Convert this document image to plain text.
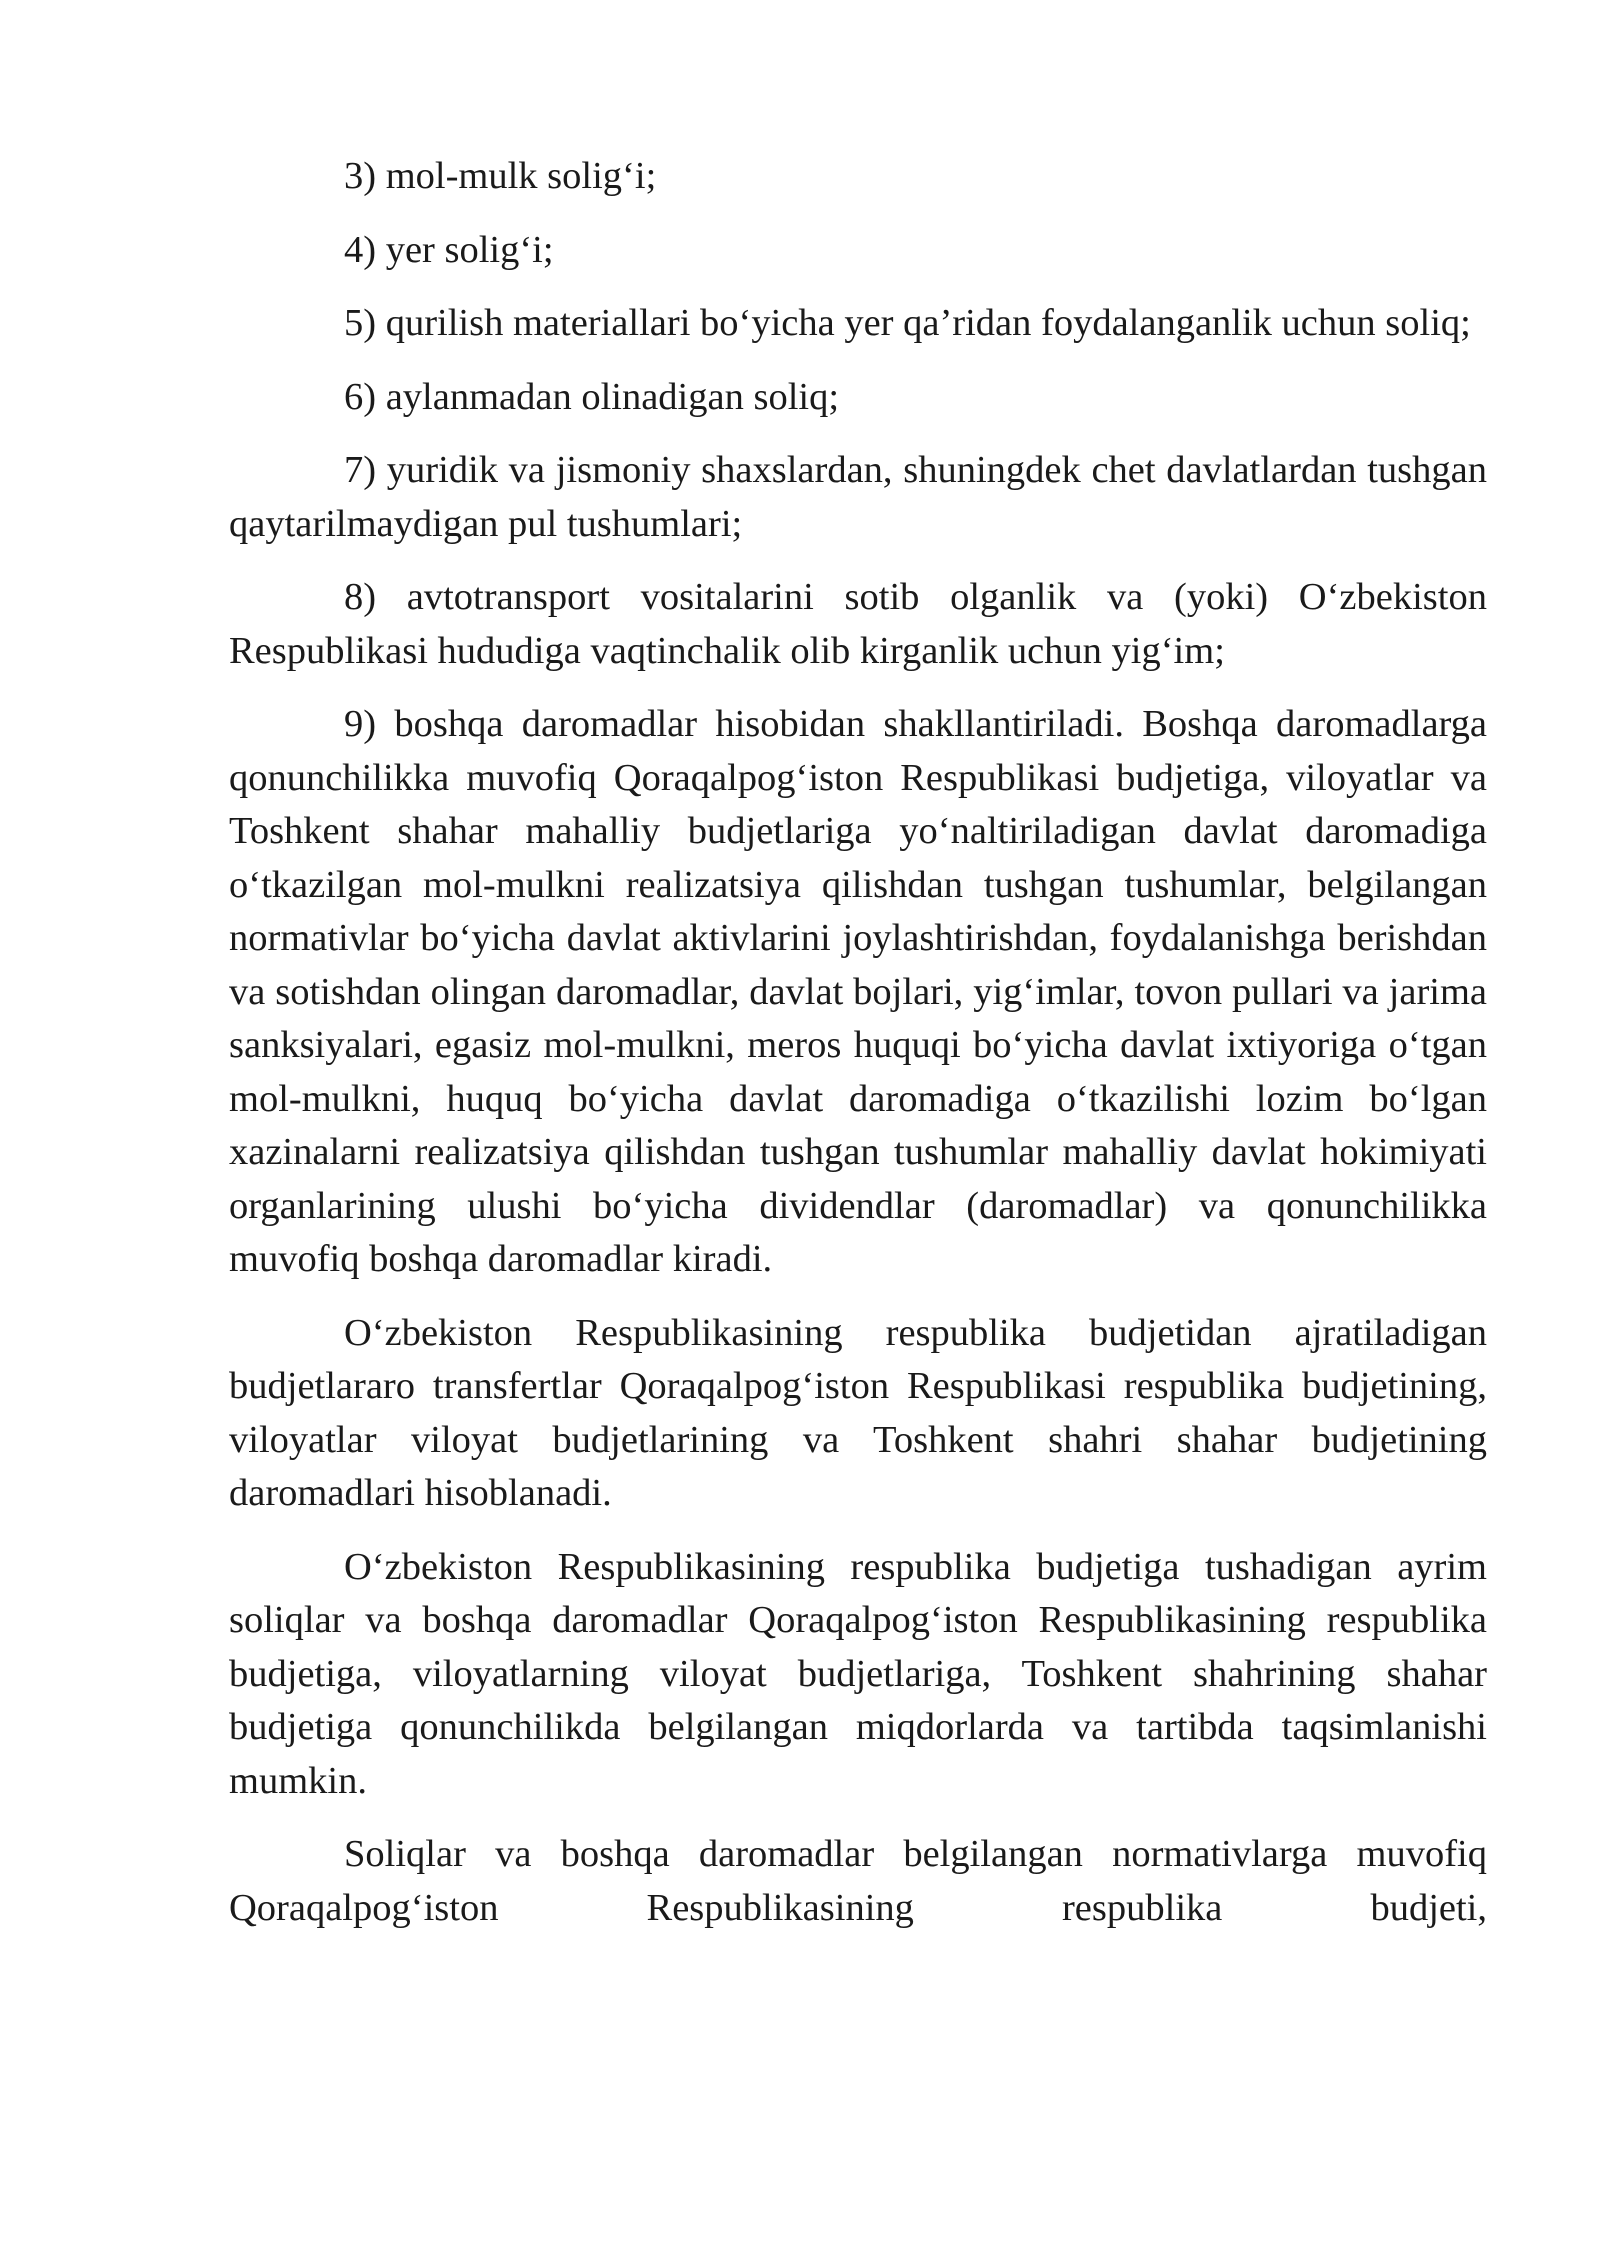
3) mol-mulk solig‘i;

4) yer solig‘i;

5) qurilish materiallari bo‘yicha yer qa’ridan foydalanganlik uchun soliq;

6) aylanmadan olinadigan soliq;

7) yuridik va jismoniy shaxslardan, shuningdek chet davlatlardan tushgan qaytarilmaydigan pul tushumlari;

8) avtotransport vositalarini sotib olganlik va (yoki) O‘zbekiston Respublikasi hududiga vaqtinchalik olib kirganlik uchun yig‘im;

9) boshqa daromadlar hisobidan shakllantiriladi. Boshqa daromadlarga qonunchilikka muvofiq Qoraqalpog‘iston Respublikasi budjetiga, viloyatlar va Toshkent shahar mahalliy budjetlariga yo‘naltiriladigan davlat daromadiga o‘tkazilgan mol-mulkni realizatsiya qilishdan tushgan tushumlar, belgilangan normativlar bo‘yicha davlat aktivlarini joylashtirishdan, foydalanishga berishdan va sotishdan olingan daromadlar, davlat bojlari, yig‘imlar, tovon pullari va jarima sanksiyalari, egasiz mol-mulkni, meros huquqi bo‘yicha davlat ixtiyoriga o‘tgan mol-mulkni, huquq bo‘yicha davlat daromadiga o‘tkazilishi lozim bo‘lgan xazinalarni realizatsiya qilishdan tushgan tushumlar mahalliy davlat hokimiyati organlarining ulushi bo‘yicha dividendlar (daromadlar) va qonunchilikka muvofiq boshqa daromadlar kiradi.

O‘zbekiston Respublikasining respublika budjetidan ajratiladigan budjetlararo transfertlar Qoraqalpog‘iston Respublikasi respublika budjetining, viloyatlar viloyat budjetlarining va Toshkent shahri shahar budjetining daromadlari hisoblanadi.

O‘zbekiston Respublikasining respublika budjetiga tushadigan ayrim soliqlar va boshqa daromadlar Qoraqalpog‘iston Respublikasining respublika budjetiga, viloyatlarning viloyat budjetlariga, Toshkent shahrining shahar budjetiga qonunchilikda belgilangan miqdorlarda va tartibda taqsimlanishi mumkin.

Soliqlar va boshqa daromadlar belgilangan normativlarga muvofiq Qoraqalpog‘iston Respublikasining respublika budjeti,
